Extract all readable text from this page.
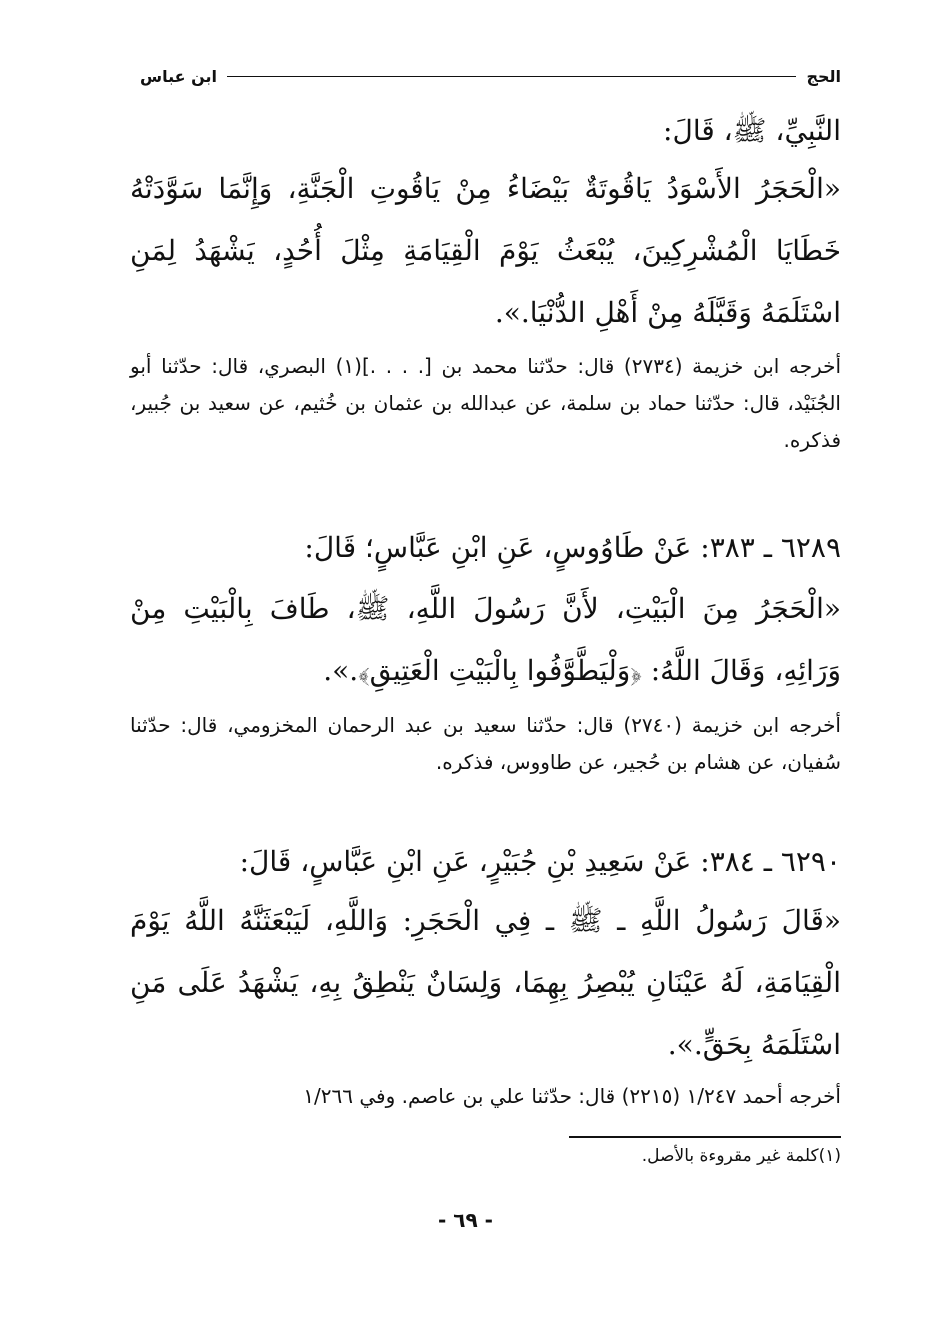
الحج
ابن عباس
النَّبِيِّ، ﷺ، قَالَ:
«الْحَجَرُ الأَسْوَدُ يَاقُوتَةٌ بَيْضَاءُ مِنْ يَاقُوتِ الْجَنَّةِ، وَإِنَّمَا سَوَّدَتْهُ خَطَايَا الْمُشْرِكِينَ، يُبْعَثُ يَوْمَ الْقِيَامَةِ مِثْلَ أُحُدٍ، يَشْهَدُ لِمَنِ اسْتَلَمَهُ وَقَبَّلَهُ مِنْ أَهْلِ الدُّنْيَا.».
أخرجه ابن خزيمة (٢٧٣٤) قال: حدّثنا محمد بن [. . . .](١) البصري، قال: حدّثنا أبو الجُنَيْد، قال: حدّثنا حماد بن سلمة، عن عبدالله بن عثمان بن خُثيم، عن سعيد بن جُبير، فذكره.
٦٢٨٩ ـ ٣٨٣: عَنْ طَاوُوسٍ، عَنِ ابْنِ عَبَّاسٍ؛ قَالَ:
«الْحَجَرُ مِنَ الْبَيْتِ، لأَنَّ رَسُولَ اللَّهِ، ﷺ، طَافَ بِالْبَيْتِ مِنْ وَرَائِهِ، وَقَالَ اللَّهُ: ﴿وَلْيَطَّوَّفُوا بِالْبَيْتِ الْعَتِيقِ﴾.».
أخرجه ابن خزيمة (٢٧٤٠) قال: حدّثنا سعيد بن عبد الرحمان المخزومي، قال: حدّثنا سُفيان، عن هشام بن حُجير، عن طاووس، فذكره.
٦٢٩٠ ـ ٣٨٤: عَنْ سَعِيدِ بْنِ جُبَيْرٍ، عَنِ ابْنِ عَبَّاسٍ، قَالَ:
«قَالَ رَسُولُ اللَّهِ ـ ﷺ ـ فِي الْحَجَرِ: وَاللَّهِ، لَيَبْعَثَنَّهُ اللَّهُ يَوْمَ الْقِيَامَةِ، لَهُ عَيْنَانِ يُبْصِرُ بِهِمَا، وَلِسَانٌ يَنْطِقُ بِهِ، يَشْهَدُ عَلَى مَنِ اسْتَلَمَهُ بِحَقٍّ.».
أخرجه أحمد ١/٢٤٧ (٢٢١٥) قال: حدّثنا علي بن عاصم. وفي ١/٢٦٦
(١)كلمة غير مقروءة بالأصل.
- ٦٩ -
